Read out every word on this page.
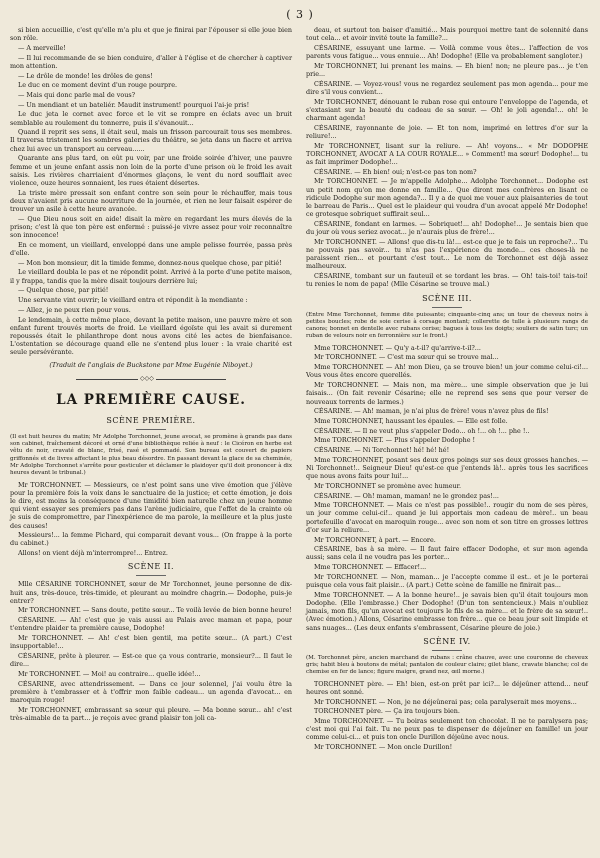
( 3 )

si bien accueillie, c'est qu'elle m'a plu et que je finirai par l'épouser si elle joue bien son rôle.

— A merveille!

— Il lui recommande de se bien conduire, d'aller à l'église et de chercher à captiver mon attention.

— Le drôle de monde! les drôles de gens!

Le duc en ce moment devint d'un rouge pourpre.

— Mais qui donc parle mal de vous?

— Un mendiant et un bateliér. Maudit instrument! pourquoi l'ai-je pris!

Le duc jeta le cornet avec force et le vit se rompre en éclats avec un bruit semblable au roulement du tonnerre, puis il s'évanouit...

Quand il reprit ses sens, il était seul, mais un frisson parcourait tous ses membres. Il traversa tristement les sombres galeries du théâtre, se jeta dans un fiacre et arriva chez lui avec un transport au cerveau......

Quarante ans plus tard, on eût pu voir, par une froide soirée d'hiver, une pauvre femme et un jeune enfant assis non loin de la porte d'une prison où le froid les avait saisis. Les rivières charriaient d'énormes glaçons, le vent du nord soufflait avec violence, ouze heures sonnaient, les rues étaient désertes.

La triste mère pressait son enfant contre son sein pour le réchauffer, mais tous deux n'avaient pris aucune nourriture de la journée, et rien ne leur faisait espérer de trouver un asile à cette heure avancée.

— Que Dieu nous soit en aide! disait la mère en regardant les murs élevés de la prison; c'est là que ton père est enfermé : puissé-je vivre assez pour voir reconnaître son innocence!

En ce moment, un vieillard, enveloppé dans une ample pelisse fourrée, passa près d'elle.

— Mon bon monsieur, dit la timide femme, donnez-nous quelque chose, par pitié!

Le vieillard doubla le pas et ne répondit point. Arrivé à la porte d'une petite maison, il y frappa, tandis que la mère disait toujours derrière lui;

— Quelque chose, par pitié!

Une servante vint ouvrir; le vieillard entra et répondit à la mendiante :

— Allez, je ne peux rien pour vous.

Le lendemain, à cette même place, devant la petite maison, une pauvre mère et son enfant furent trouvés morts de froid. Le vieillard égoïste qui les avait si durement repoussés était le philanthrope dont nous avons cité les actes de bienfaisance. L'ostentation se décourage quand elle ne s'entend plus louer : la vraie charité est seule persévérante.

(Traduit de l'anglais de Buckstone par Mme Eugénie Niboyet.)

◇◇◇
LA PREMIÈRE CAUSE.
SCÈNE PREMIÈRE.

(Il est huit heures du matin; Mr Adolphe Torchonnet, jeune avocat, se promène à grands pas dans son cabinet, fraîchement décoré et orné d'une bibliothèque reliée à neuf : le Cicéron en herbe est vêtu de noir, cravaté de blanc, frisé, rasé et pommadé. Son bureau est couvert de papiers griffonnés et de livres affectant le plus beau désordre. En passant devant la glace de sa cheminée, Mr Adolphe Torchonnet s'arrête pour gesticuler et déclamer le plaidoyer qu'il doit prononcer à dix heures devant le tribunal.)

Mr TORCHONNET. — Messieurs, ce n'est point sans une vive émotion que j'élève pour la première fois la voix dans le sanctuaire de la justice; et cette émotion, je dois le dire, est moins la conséquence d'une timidité bien naturelle chez un jeune homme qui vient essayer ses premiers pas dans l'arène judiciaire, que l'effet de la crainte où je suis de compromettre, par l'inexpérience de ma parole, la meilleure et la plus juste des causes!

Messieurs!... la femme Pichard, qui comparait devant vous... (On frappe à la porte du cabinet.)

Allons! on vient déjà m'interrompre!... Entrez.

SCÈNE II.

Mlle CÉSARINE TORCHONNET, sœur de Mr Torchonnet, jeune personne de dix-huit ans, très-douce, très-timide, et pleurant au moindre chagrin.— Dodophe, puis-je entrer?

Mr TORCHONNET. — Sans doute, petite sœur... Te voilà levée de bien bonne heure!

CÉSARINE. — Ah! c'est que je vais aussi au Palais avec maman et papa, pour t'entendre plaider ta première cause, Dodophe!

Mr TORCHONNET. — Ah! c'est bien gentil, ma petite sœur... (A part.) C'est insupportable!...

CÉSARINE, prête à pleurer. — Est-ce que ça vous contrarie, monsieur?... Il faut le dire...

Mr TORCHONNET. — Moi! au contraire... quelle idée!...

CÉSARINE, avec attendrissement. — Dans ce jour solennel, j'ai voulu être la première à t'embrasser et à t'offrir mon faible cadeau... un agenda d'avocat... en maroquin rouge!

Mr TORCHONNET, embrassant sa sœur qui pleure. — Ma bonne sœur... ah! c'est très-aimable de ta part... je reçois avec grand plaisir ton joli ca-

deau, et surtout ton baiser d'amitié... Mais pourquoi mettre tant de solennité dans tout cela... et avoir invité toute la famille?...

CÉSARINE, essuyant une larme. — Voilà comme vous êtes... l'affection de vos parents vous fatigue... vous ennuie... Ah! Dodophe! (Elle va probablement sangloter.)

Mr TORCHONNET, lui prenant les mains. — Eh bien! non; ne pleure pas... je t'en prie...

CÉSARINE. — Voyez-vous! vous ne regardez seulement pas mon agenda... pour me dire s'il vous convient...

Mr TORCHONNET, dénouant le ruban rose qui entoure l'enveloppe de l'agenda, et s'extasiant sur la beauté du cadeau de sa sœur. — Oh! le joli agenda!... oh! le charmant agenda!

CÉSARINE, rayonnante de joie. — Et ton nom, imprimé en lettres d'or sur la reliure!...

Mr TORCHONNET, lisant sur la reliure. — Ah! voyons... « Mr DODOPHE TORCHONNET, AVOCAT A LA COUR ROYALE... » Comment! ma sœur! Dodophe!... tu as fait imprimer Dodophe!...

CÉSARINE. — Eh bien! oui; n'est-ce pas ton nom?

Mr TORCHONNET. — Je m'appelle Adolphe... Adolphe Torchonnet... Dodophe est un petit nom qu'on me donne en famille... Que diront mes confrères en lisant ce ridicule Dodophe sur mon agenda?... Il y a de quoi me vouer aux plaisanteries de tout le barreau de Paris... Quel est le plaideur qui voudra d'un avocat appelé Mr Dodophe! ce grotesque sobriquet suffirait seul...

CÉSARINE, fondant en larmes. — Sobriquet!... ah! Dodophe!... Je sentais bien que du jour où vous seriez avocat... je n'aurais plus de frère!...

Mr TORCHONNET. — Allons! que dis-tu là!... est-ce que je te fais un reproche?... Tu ne pouvais pas savoir... tu n'as pas l'expérience du monde... ces choses-là ne paraissent rien... et pourtant c'est tout... Le nom de Torchonnet est déjà assez malheureux.

CÉSARINE, tombant sur un fauteuil et se tordant les bras. — Oh! tais-toi! tais-toi! tu renies le nom de papa! (Mlle Césarine se trouve mal.)

SCÈNE III.

(Entre Mme Torchonnet, femme dite puissante; cinquante-cinq ans; un tour de cheveux noirs à petites boucles; robe de soie cerise à corsage montant; collerette de tulle à plusieurs rangs de canons; bonnet en dentelle avec rubans cerise; bagues à tous les doigts; souliers de satin turc; un ruban de velours noir en ferronnière sur le front.)

Mme TORCHONNET. — Qu'y a-t-il? qu'arrive-t-il?...

Mr TORCHONNET. — C'est ma sœur qui se trouve mal...

Mme TORCHONNET. — Ah! mon Dieu, ça se trouve bien! un jour comme celui-ci!... Vous vous êtes encore querellés.

Mr TORCHONNET. — Mais non, ma mère... une simple observation que je lui faisais... (On fait revenir Césarine; elle ne reprend ses sens que pour verser de nouveaux torrents de larmes.)

CÉSARINE. — Ah! maman, je n'ai plus de frère! vous n'avez plus de fils!

Mme TORCHONNET, haussant les épaules. — Elle est folle.

CÉSARINE. — Il ne veut plus s'appeler Dodo... oh !... oh !... phe !..

Mme TORCHONNET. — Plus s'appeler Dodophe !

CÉSARINE. — Ni Torchonnet! hé! hé! hé!

Mme TORCHONNET, posant ses deux gros poings sur ses deux grosses hanches. — Ni Torchonnet!.. Seigneur Dieu! qu'est-ce que j'entends là!.. après tous les sacrifices que nous avons faits pour lui!...

Mr TORCHONNET se promène avec humeur.

CÉSARINE. — Oh! maman, maman! ne le grondez pas!...

Mme TORCHONNET. — Mais ce n'est pas possible!.. rougir du nom de ses pères, un jour comme celui-ci!.. quand je lui apportais mon cadeau de mère!.. un beau portefeuille d'avocat en maroquin rouge... avec son nom et son titre en grosses lettres d'or sur la reliure...

Mr TORCHONNET, à part. — Encore.

CÉSARINE, bas à sa mère. — Il faut faire effacer Dodophe, et sur mon agenda aussi; sans cela il ne voudra pas les porter...

Mme TORCHONNET. — Effacer!...

Mr TORCHONNET. — Non, maman... je l'accepte comme il est.. et je le porterai puisque cela vous fait plaisir... (A part.) Cette scène de famille ne finirait pas...

Mme TORCHONNET. — A la bonne heure!.. je savais bien qu'il était toujours mon Dodophe. (Elle l'embrasse.) Cher Dodophe! (D'un ton sentencieux.) Mais n'oubliez jamais, mon fils, qu'un avocat est toujours le fils de sa mère... et le frère de sa sœur!.. (Avec émotion.) Allons, Césarine embrasse ton frère... que ce beau jour soit limpide et sans nuages... (Les deux enfants s'embrassent, Césarine pleure de joie.)

SCÈNE IV.

(M. Torchonnet père, ancien marchand de rubans : crâne chauve, avec une couronne de cheveux gris; habit bleu à boutons de métal; pantalon de couleur claire; gilet blanc, cravate blanche; col de chemise en fer de lance; figure maigre, grand nez, œil morne.)

TORCHONNET père. — Eh! bien, est-on prêt par ici?... le déjeûner attend... neuf heures ont sonné.

Mr TORCHONNET. — Non, je ne déjeûnerai pas; cela paralyserait mes moyens...

TORCHONNET père. — Ça ira toujours bien.

Mme TORCHONNET. — Tu boiras seulement ton chocolat. Il ne te paralysera pas; c'est moi qui l'ai fait. Tu ne peux pas te dispenser de déjeûner en famille! un jour comme celui-ci... et puis ton oncle Durillon déjeûne avec nous.

Mr TORCHONNET. — Mon oncle Durillon!
